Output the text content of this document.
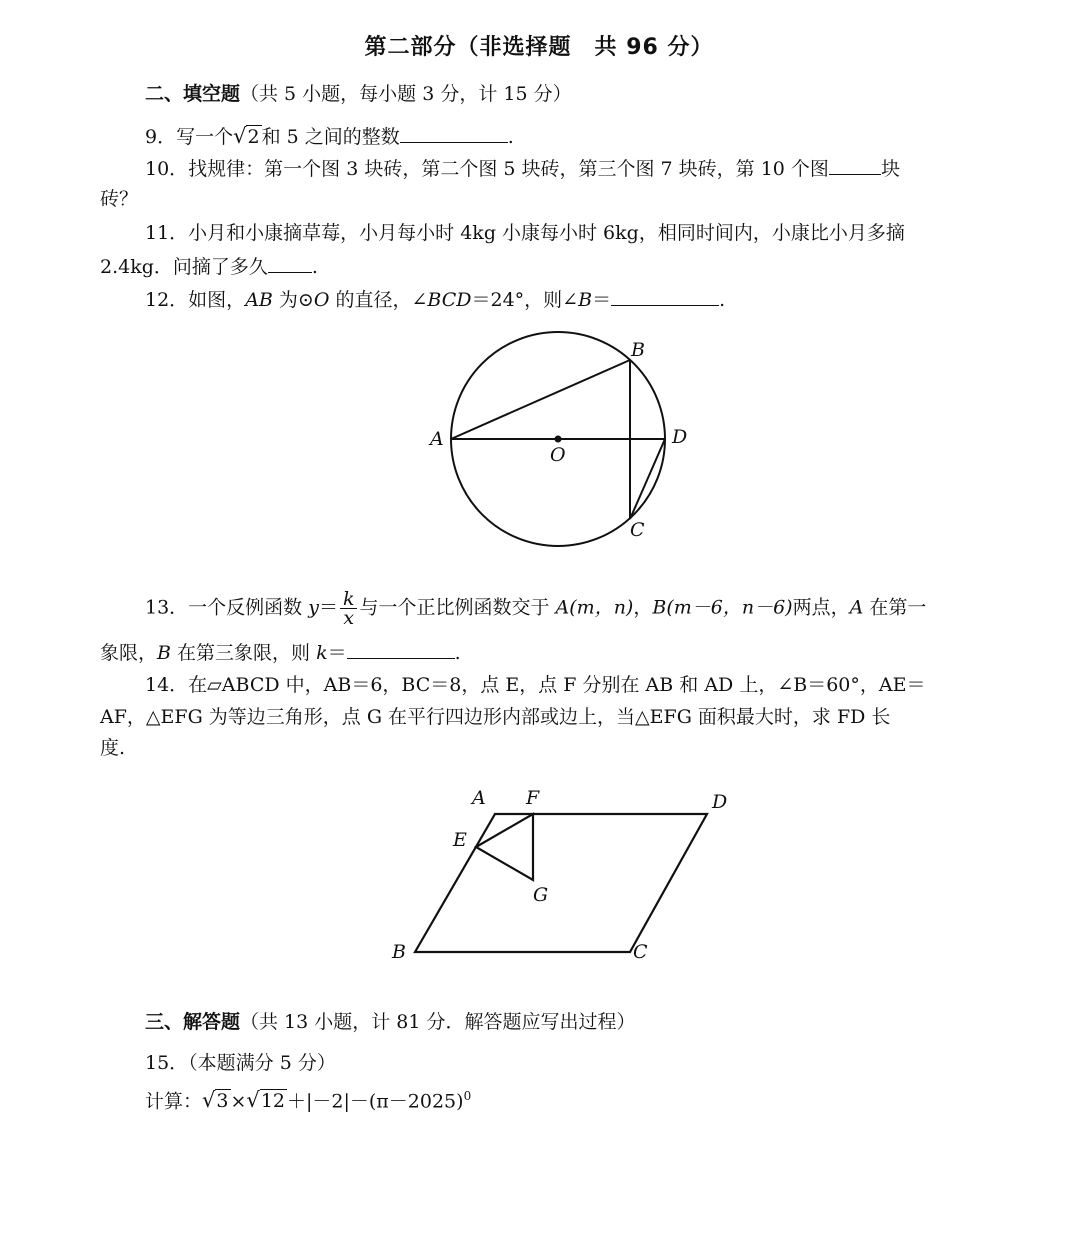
第二部分（非选择题　共 96 分）
二、填空题（共 5 小题，每小题 3 分，计 15 分）
9．写一个√2 和 5 之间的整数	.
10．找规律：第一个图 3 块砖，第二个图 5 块砖，第三个图 7 块砖，第 10 个图	块
砖？
11．小月和小康摘草莓，小月每小时 4kg 小康每小时 6kg，相同时间内，小康比小月多摘
2.4kg．问摘了多久 .
12．如图，AB 为⊙O 的直径，∠BCD＝24°，则∠B＝	.
A
B
C
D
O
13．一个反例函数 $y= \frac{k}{x}$ 与一个正比例函数交于 A(m，n)，B(m－6，n－6)两点，A 在第一
象限，B 在第三象限，则 k＝	.
14．在▱ABCD 中，AB＝6，BC＝8，点 E，点 F 分别在 AB 和 AD 上，∠B＝60°，AE＝
AF，△EFG 为等边三角形，点 G 在平行四边形内部或边上，当△EFG 面积最大时，求 FD 长
度.
A F	D
E
G
B	C
三、解答题（共 13 小题，计 81 分．解答题应写出过程）
15．（本题满分 5 分）
计算：$√3 \times√12 +|-2|-(\pi-2025)^0$
